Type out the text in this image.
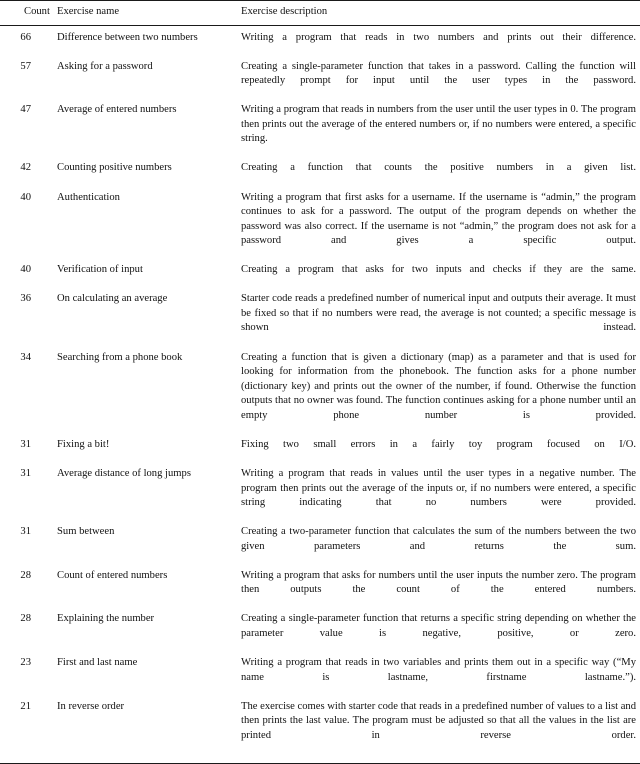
Count	Exercise name	Exercise description
66	Difference between two numbers	Writing a program that reads in two numbers and prints out their difference.
57	Asking for a password	Creating a single-parameter function that takes in a password. Calling the function will repeatedly prompt for input until the user types in the password.
47	Average of entered numbers	Writing a program that reads in numbers from the user until the user types in 0. The program then prints out the average of the entered numbers or, if no numbers were entered, a specific string.
42	Counting positive numbers	Creating a function that counts the positive numbers in a given list.
40	Authentication	Writing a program that first asks for a username. If the username is “admin,” the program continues to ask for a password. The output of the program depends on whether the password was also correct. If the username is not “admin,” the program does not ask for a password and gives a specific output.
40	Verification of input	Creating a program that asks for two inputs and checks if they are the same.
36	On calculating an average	Starter code reads a predefined number of numerical input and outputs their average. It must be fixed so that if no numbers were read, the average is not counted; a specific message is shown instead.
34	Searching from a phone book	Creating a function that is given a dictionary (map) as a parameter and that is used for looking for information from the phonebook. The function asks for a phone number (dictionary key) and prints out the owner of the number, if found. Otherwise the function outputs that no owner was found. The function continues asking for a phone number until an empty phone number is provided.
31	Fixing a bit!	Fixing two small errors in a fairly toy program focused on I/O.
31	Average distance of long jumps	Writing a program that reads in values until the user types in a negative number. The program then prints out the average of the inputs or, if no numbers were entered, a specific string indicating that no numbers were provided.
31	Sum between	Creating a two-parameter function that calculates the sum of the numbers between the two given parameters and returns the sum.
28	Count of entered numbers	Writing a program that asks for numbers until the user inputs the number zero. The program then outputs the count of the entered numbers.
28	Explaining the number	Creating a single-parameter function that returns a specific string depending on whether the parameter value is negative, positive, or zero.
23	First and last name	Writing a program that reads in two variables and prints them out in a specific way (“My name is lastname, firstname lastname.”).
21	In reverse order	The exercise comes with starter code that reads in a predefined number of values to a list and then prints the last value. The program must be adjusted so that all the values in the list are printed in reverse order.
